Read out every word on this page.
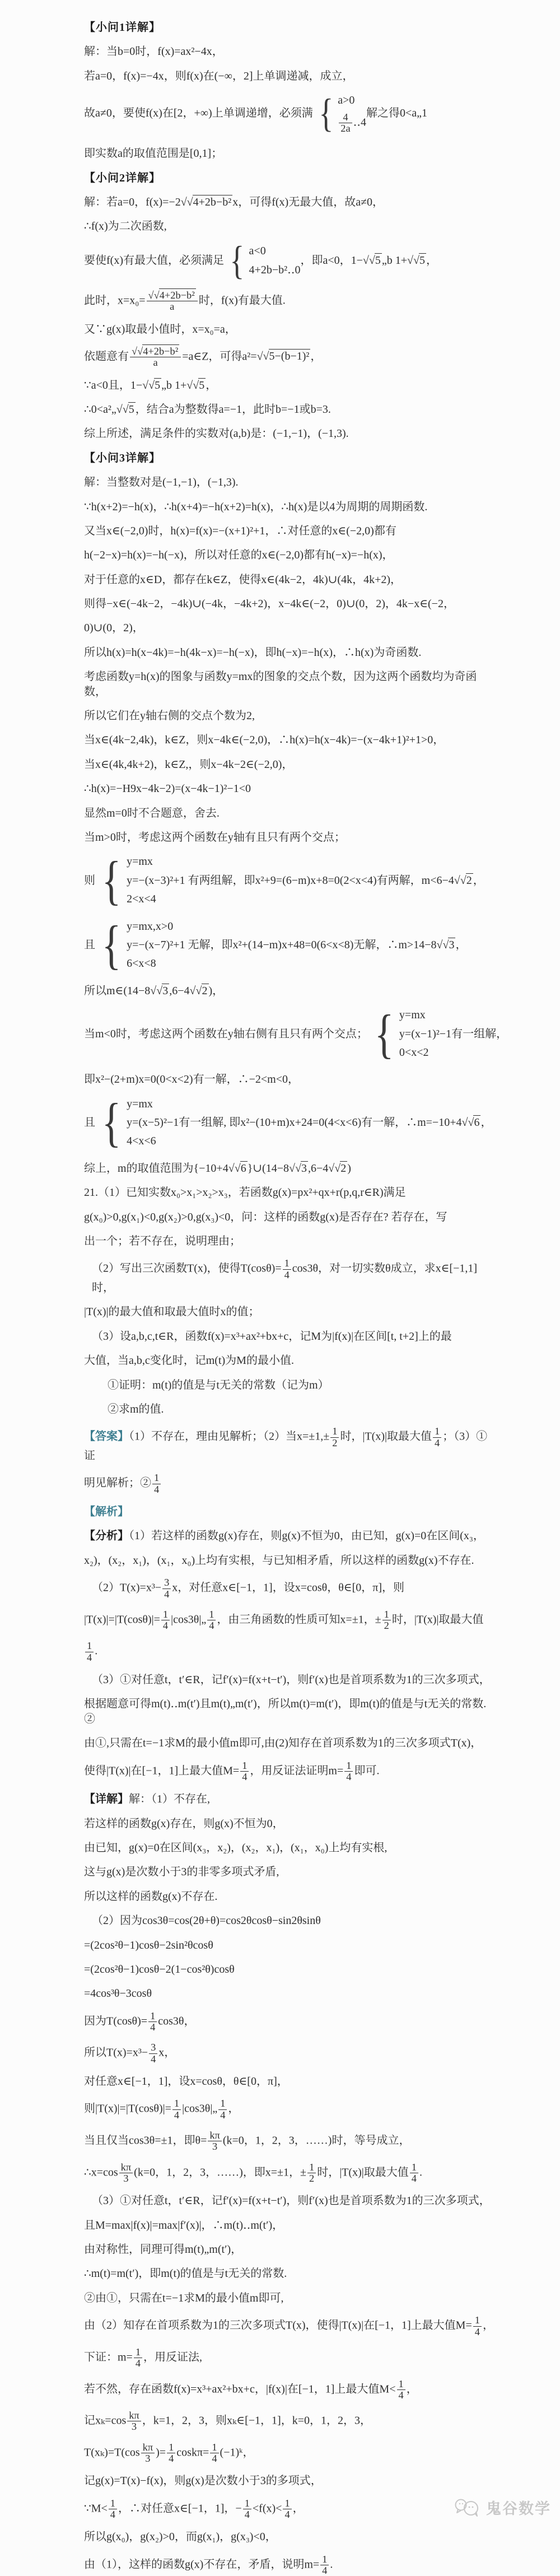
【小问1详解】
解：当b=0时，f(x)=ax²−4x，
若a=0，f(x)=−4x，则f(x)在(−∞，2]上单调递减，成立，
故a≠0，要使f(x)在[2，+∞)上单调递增，必须满 { a>0
$\frac{4}{2a}$ ‥4
解之得0<a„1
即实数a的取值范围是[0,1]；
【小问2详解】
解：若a=0，f(x)=−2√√4+2b−b² x，可得f(x)无最大值，故a≠0，
∴f(x)为二次函数,
要使f(x)有最大值，必须满足 { a<0
4+2b−b²‥0
，即a<0，1−√√5 „b 1+√√5 ，
此时，$x=x_0= \frac{\text{√√4+2b−b²}}{a}$ 时，f(x)有最大值.
又∵g(x)取最小值时，x=x₀=a，
依题意有 $\frac{\text{√√4+2b−b²}}{a}$ =a∈Z，可得a²=√√5−(b−1)² ，
∵a<0且，1−√√5 „b 1+√√5 ，
∴0<a²„√√5 ，结合a为整数得a=−1，此时b=−1或b=3.
综上所述，满足条件的实数对(a,b)是：(−1,−1)，(−1,3).
【小问3详解】
解：当整数对是(−1,−1)，(−1,3).
∵h(x+2)=−h(x)，∴h(x+4)=−h(x+2)=h(x)，∴h(x)是以4为周期的周期函数.
又当x∈(−2,0)时，h(x)=f(x)=−(x+1)²+1，∴对任意的x∈(−2,0)都有
h(−2−x)=h(x)=−h(−x)，所以对任意的x∈(−2,0)都有h(−x)=−h(x)，
对于任意的x∈D，都存在k∈Z，使得x∈(4k−2，4k)∪(4k，4k+2)，
则得−x∈(−4k−2，−4k)∪(−4k，−4k+2)，x−4k∈(−2，0)∪(0，2)，4k−x∈(−2，
0)∪(0，2)，
所以h(x)=h(x−4k)=−h(4k−x)=−h(−x)，即h(−x)=−h(x)，∴h(x)为奇函数.
考虑函数y=h(x)的图象与函数y=mx的图象的交点个数，因为这两个函数均为奇函数，
所以它们在y轴右侧的交点个数为2,
当x∈(4k−2,4k)，k∈Z，则x−4k∈(−2,0)，∴h(x)=h(x−4k)=−(x−4k+1)²+1>0，
当x∈(4k,4k+2)，k∈Z,，则x−4k−2∈(−2,0)，
∴h(x)=−H9x−4k−2)=(x−4k−1)²−1<0
显然m=0时不合题意，舍去.
当m>0时，考虑这两个函数在y轴有且只有两个交点；
则 { y=mx
y=−(x−3)²+1 有两组解，即x²+9=(6−m)x+8=0(2<x<4)有两解，m<6−4√√2 ，
2<x<4
且 { y=mx,x>0
y=−(x−7)²+1 无解，即x²+(14−m)x+48=0(6<x<8)无解，∴m>14−8√√3 ，
6<x<8
所以m∈(14−8√√3 ,6−4√√2 )，
当m<0时，考虑这两个函数在y轴右侧有且只有两个交点； { y=mx
y=(x−1)²−1有一组解，
0<x<2
即x²−(2+m)x=0(0<x<2)有一解，∴−2<m<0，
且 { y=mx
y=(x−5)²−1有一组解, 即x²−(10+m)x+24=0(4<x<6)有一解，∴m=−10+4√√6 ，
4<x<6
综上，m的取值范围为{−10+4√√6 }∪(14−8√√3 ,6−4√√2 )
21.（1）已知实数x₀>x₁>x₂>x₃，若函数g(x)=px²+qx+r(p,q,r∈R)满足
g(x₀)>0,g(x₁)<0,g(x₂)>0,g(x₃)<0，问：这样的函数g(x)是否存在? 若存在，写
出一个；若不存在，说明理由；
（2）写出三次函数T(x)，使得$T(\cos\theta)= \frac{1}{4} \cos 3\theta$，对一切实数θ成立，求x∈[−1,1]时，
|T(x)|的最大值和取最大值时x的值；
（3）设a,b,c,t∈R，函数f(x)=x³+ax²+bx+c，记M为|f(x)|在区间[t, t+2]上的最
大值，当a,b,c变化时，记m(t)为M的最小值.
①证明：m(t)的值是与t无关的常数（记为m）
②求m的值.
【答案】（1）不存在，理由见解析；（2）当$x=\pm 1,\pm \frac{1}{2}$ 时，|T(x)|取最大值 $\frac{1}{4}$ ；（3）①证
明见解析；② $\frac{1}{4}$
【解析】
【分析】（1）若这样的函数g(x)存在，则g(x)不恒为0，由已知，g(x)=0在区间(x₃，
x₂)，(x₂，x₁)，(x₁，x₀)上均有实根，与已知相矛盾，所以这样的函数g(x)不存在.
$(2)T(x)=x^3- \frac{3}{4}$ x，对任意x∈[−1，1]，设x=cosθ，θ∈[0，π]，则
$|T(x)|=|T(\cos\theta)|= \frac{1}{4}$ |cos3θ|„ $\frac{1}{4}$ ，由三角函数的性质可知x=±1，± $\frac{1}{2}$ 时，|T(x)|取最大值
$\frac{1}{4}$ .
（3）①对任意t，t′∈R，记f′(x)=f(x+t−t′)，则f′(x)也是首项系数为1的三次多项式，
根据题意可得m(t)‥m(t′)且m(t)„m(t′)，所以m(t)=m(t′)，即m(t)的值是与t无关的常数.②
由①,只需在t=−1求M的最小值m即可,由(2)知存在首项系数为1的三次多项式T(x)，
使得|T(x)|在[−1，1]上最大值$M= \frac{1}{4}$ ，用反证法证明$m= \frac{1}{4}$ 即可.
【详解】解：（1）不存在,
若这样的函数g(x)存在，则g(x)不恒为0，
由已知，g(x)=0在区间(x₃，x₂)，(x₂，x₁)，(x₁，x₀)上均有实根,
这与g(x)是次数小于3的非零多项式矛盾,
所以这样的函数g(x)不存在.
（2）因为cos3θ=cos(2θ+θ)=cos2θcosθ−sin2θsinθ
=(2cos²θ−1)cosθ−2sin²θcosθ
=(2cos²θ−1)cosθ−2(1−cos²θ)cosθ
=4cos³θ−3cosθ
因为$T(\cos\theta)= \frac{1}{4} \cos 3\theta$，
所以$T(x)=x^3- \frac{3}{4}$ x，
对任意x∈[−1，1]，设x=cosθ，θ∈[0，π]，
则$|T(x)|=|T(\cos\theta)|= \frac{1}{4}$ |cos3θ|„ $\frac{1}{4}$ ，
当且仅当cos3θ=±1，即$\theta= \frac{k\pi}{3} (k=0$，1，2，3，……)时，等号成立，
∴x=cos $\frac{k\pi}{3} (k=0$，1，2，3，……)，即x=±1，± $\frac{1}{2}$ 时，|T(x)|取最大值 $\frac{1}{4}$ .
（3）①对任意t，t′∈R，记f′(x)=f(x+t−t′)，则f′(x)也是首项系数为1的三次多项式，
且M=max|f(x)|=max|f′(x)|，∴m(t)‥m(t′)，
由对称性，同理可得m(t)„m(t′)，
∴m(t)=m(t′)，即m(t)的值是与t无关的常数.
②由①，只需在t=−1求M的最小值m即可,
由（2）知存在首项系数为1的三次多项式T(x)，使得|T(x)|在[−1，1]上最大值$M= \frac{1}{4}$ ，
下证：$m= \frac{1}{4}$ ，用反证法,
若不然，存在函数f(x)=x³+ax²+bx+c，|f(x)|在[−1，1]上最大值$M< \frac{1}{4}$ ，
记$x_k=\cos \frac{k\pi}{3}$ ，k=1，2，3，则xₖ∈[−1，1]，k=0，1，2，3，
$T(x_k)=T(\cos \frac{k\pi}{3}$ )= $\frac{1}{4} \cos k\pi= \frac{1}{4}$ (−1)ᵏ，
记g(x)=T(x)−f(x)，则g(x)是次数小于3的多项式，
∵M< $\frac{1}{4}$ ，∴对任意x∈[−1，1]，− $\frac{1}{4} <f(x)< \frac{1}{4}$ ，
所以g(x₀)，g(x₂)>0，而g(x₁)，g(x₃)<0，
由（1），这样的函数g(x)不存在，矛盾，说明$m= \frac{1}{4}$ .
鬼谷数学
